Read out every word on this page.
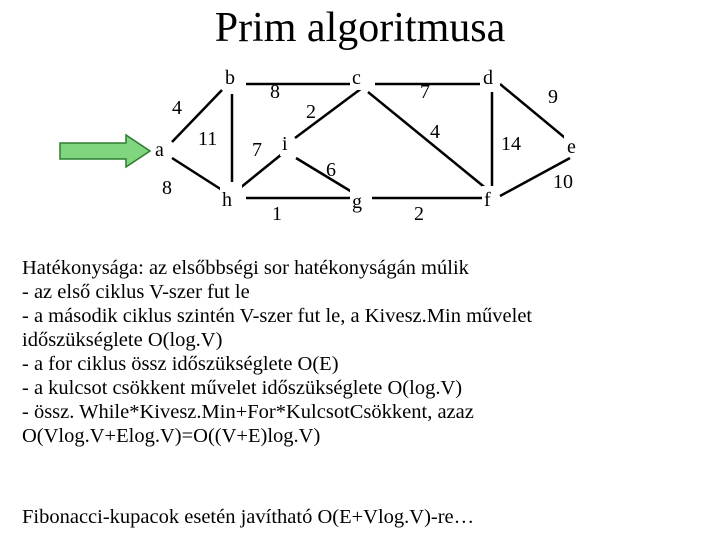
Prim algoritmusa
a
b	c	d
e
f
g
h
i
4
8
8
11
2
7
4
9
14
10
6
7
1	2
Hatékonysága: az elsőbbségi sor hatékonyságán múlik
- az első ciklus V-szer fut le
- a második ciklus szintén V-szer fut le, a Kivesz.Min művelet
időszükséglete O(log.V)
- a for ciklus össz időszükséglete O(E)
- a kulcsot csökkent művelet időszükséglete O(log.V)
- össz. While*Kivesz.Min+For*KulcsotCsökkent, azaz
O(Vlog.V+Elog.V)=O((V+E)log.V)
Fibonacci-kupacok esetén javítható O(E+Vlog.V)-re…
